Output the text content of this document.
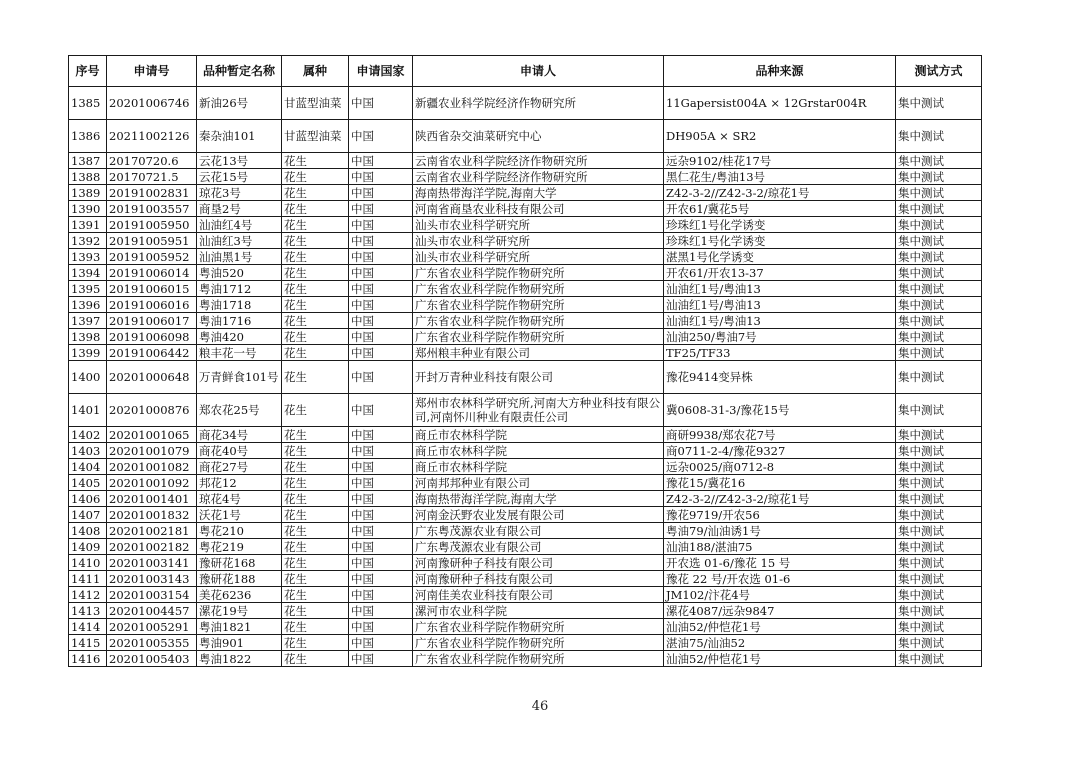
序号	申请号	品种暂定名称	属种	申请国家	申请人	品种来源	测试方式
1385	20201006746	新油26号	甘蓝型油菜	中国	新疆农业科学院经济作物研究所	11Gapersist004A × 12Grstar004R	集中测试
1386	20211002126	秦杂油101	甘蓝型油菜	中国	陕西省杂交油菜研究中心	DH905A × SR2	集中测试
1387	20170720.6	云花13号	花生	中国	云南省农业科学院经济作物研究所	远杂9102/桂花17号	集中测试
1388	20170721.5	云花15号	花生	中国	云南省农业科学院经济作物研究所	黑仁花生/粤油13号	集中测试
1389	20191002831	琼花3号	花生	中国	海南热带海洋学院,海南大学	Z42-3-2//Z42-3-2/琼花1号	集中测试
1390	20191003557	商垦2号	花生	中国	河南省商垦农业科技有限公司	开农61/冀花5号	集中测试
1391	20191005950	汕油红4号	花生	中国	汕头市农业科学研究所	珍珠红1号化学诱变	集中测试
1392	20191005951	汕油红3号	花生	中国	汕头市农业科学研究所	珍珠红1号化学诱变	集中测试
1393	20191005952	汕油黑1号	花生	中国	汕头市农业科学研究所	湛黑1号化学诱变	集中测试
1394	20191006014	粤油520	花生	中国	广东省农业科学院作物研究所	开农61/开农13-37	集中测试
1395	20191006015	粤油1712	花生	中国	广东省农业科学院作物研究所	汕油红1号/粤油13	集中测试
1396	20191006016	粤油1718	花生	中国	广东省农业科学院作物研究所	汕油红1号/粤油13	集中测试
1397	20191006017	粤油1716	花生	中国	广东省农业科学院作物研究所	汕油红1号/粤油13	集中测试
1398	20191006098	粤油420	花生	中国	广东省农业科学院作物研究所	汕油250/粤油7号	集中测试
1399	20191006442	粮丰花一号	花生	中国	郑州粮丰种业有限公司	TF25/TF33	集中测试
1400	20201000648	万青鲜食101号	花生	中国	开封万青种业科技有限公司	豫花9414变异株	集中测试
1401	20201000876	郑农花25号	花生	中国	郑州市农林科学研究所,河南大方种业科技有限公司,河南怀川种业有限责任公司	冀0608-31-3/豫花15号	集中测试
1402	20201001065	商花34号	花生	中国	商丘市农林科学院	商研9938/郑农花7号	集中测试
1403	20201001079	商花40号	花生	中国	商丘市农林科学院	商0711-2-4/豫花9327	集中测试
1404	20201001082	商花27号	花生	中国	商丘市农林科学院	远杂0025/商0712-8	集中测试
1405	20201001092	邦花12	花生	中国	河南邦邦种业有限公司	豫花15/冀花16	集中测试
1406	20201001401	琼花4号	花生	中国	海南热带海洋学院,海南大学	Z42-3-2//Z42-3-2/琼花1号	集中测试
1407	20201001832	沃花1号	花生	中国	河南金沃野农业发展有限公司	豫花9719/开农56	集中测试
1408	20201002181	粤花210	花生	中国	广东粤茂源农业有限公司	粤油79/汕油诱1号	集中测试
1409	20201002182	粤花219	花生	中国	广东粤茂源农业有限公司	汕油188/湛油75	集中测试
1410	20201003141	豫研花168	花生	中国	河南豫研种子科技有限公司	开农选 01-6/豫花 15 号	集中测试
1411	20201003143	豫研花188	花生	中国	河南豫研种子科技有限公司	豫花 22 号/开农选 01-6	集中测试
1412	20201003154	美花6236	花生	中国	河南佳美农业科技有限公司	JM102/汴花4号	集中测试
1413	20201004457	漯花19号	花生	中国	漯河市农业科学院	漯花4087/远杂9847	集中测试
1414	20201005291	粤油1821	花生	中国	广东省农业科学院作物研究所	汕油52/仲恺花1号	集中测试
1415	20201005355	粤油901	花生	中国	广东省农业科学院作物研究所	湛油75/汕油52	集中测试
1416	20201005403	粤油1822	花生	中国	广东省农业科学院作物研究所	汕油52/仲恺花1号	集中测试
46
